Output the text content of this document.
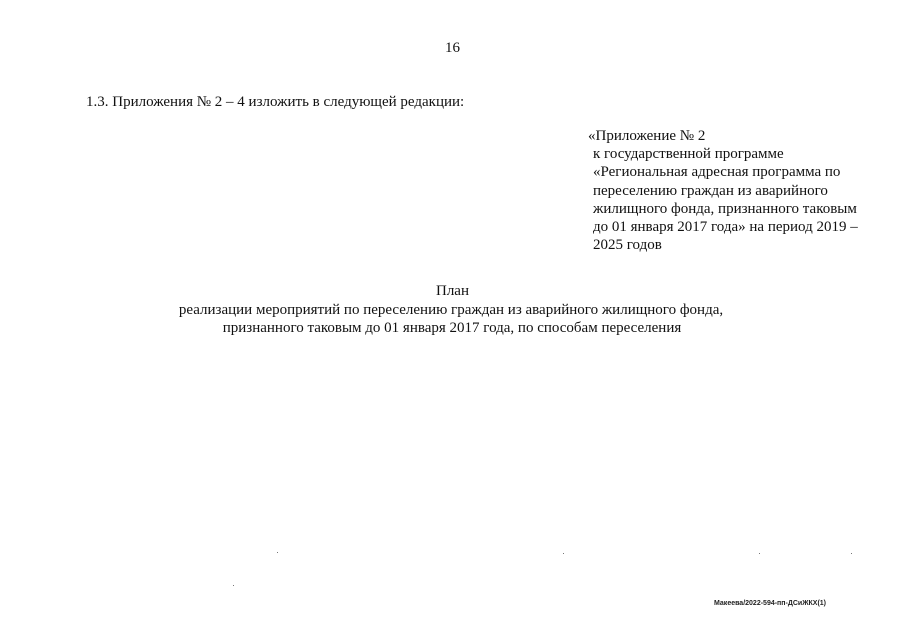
16
1.3. Приложения № 2 – 4 изложить в следующей редакции:
«Приложение № 2
к государственной программе
«Региональная адресная программа по
переселению граждан из аварийного
жилищного фонда, признанного таковым
до 01 января 2017 года» на период 2019 –
2025 годов
План
реализации мероприятий по переселению граждан из аварийного жилищного фонда,
признанного таковым до 01 января 2017 года, по способам переселения
Макеева/2022-594-пп-ДСиЖКХ(1)
